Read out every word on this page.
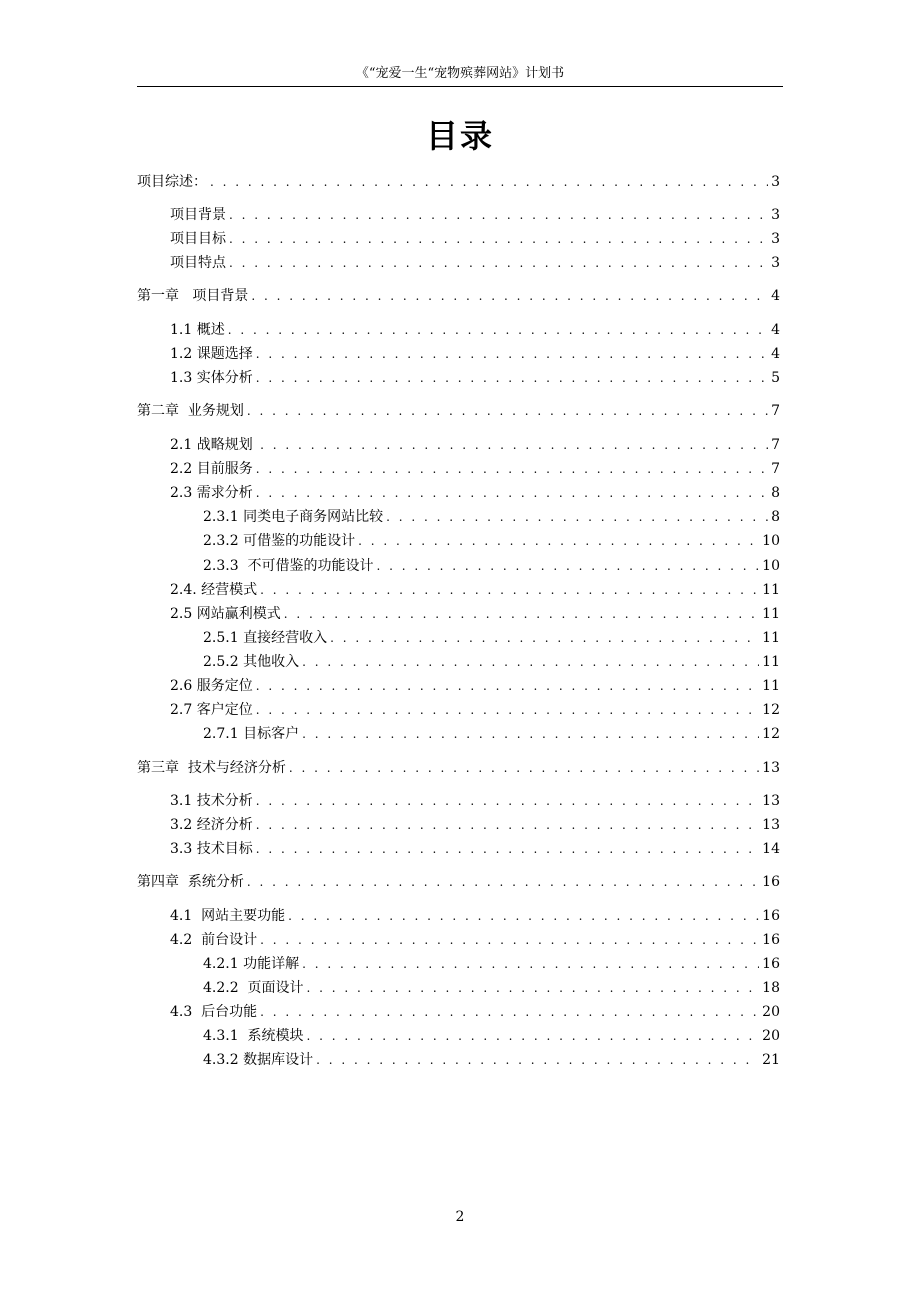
《“宠爱一生“宠物殡葬网站》计划书
目录
项目综述： . . .	3
项目背景 . . .	3
项目目标 . . .	3
项目特点 . . .	3
第一章   项目背景 . . .	4
1.1 概述 . . .	4
1.2 课题选择 . . .	4
1.3 实体分析 . . .	5
第二章  业务规划 . . .	7
2.1 战略规划 . . .	7
2.2 目前服务 . . .	7
2.3 需求分析 . . .	8
2.3.1 同类电子商务网站比较 . . .	8
2.3.2 可借鉴的功能设计 . . .	10
2.3.3  不可借鉴的功能设计 . . .	10
2.4. 经营模式 . . .	11
2.5 网站赢利模式 . . .	11
2.5.1 直接经营收入 . . .	11
2.5.2 其他收入 . . .	11
2.6 服务定位 . . .	11
2.7 客户定位 . . .	12
2.7.1 目标客户 . . .	12
第三章  技术与经济分析 . . .	13
3.1 技术分析 . . .	13
3.2 经济分析 . . .	13
3.3 技术目标 . . .	14
第四章  系统分析 . . .	16
4.1  网站主要功能 . . .	16
4.2  前台设计 . . .	16
4.2.1 功能详解 . . .	16
4.2.2  页面设计 . . .	18
4.3  后台功能 . . .	20
4.3.1  系统模块 . . .	20
4.3.2 数据库设计 . . .	21
2
